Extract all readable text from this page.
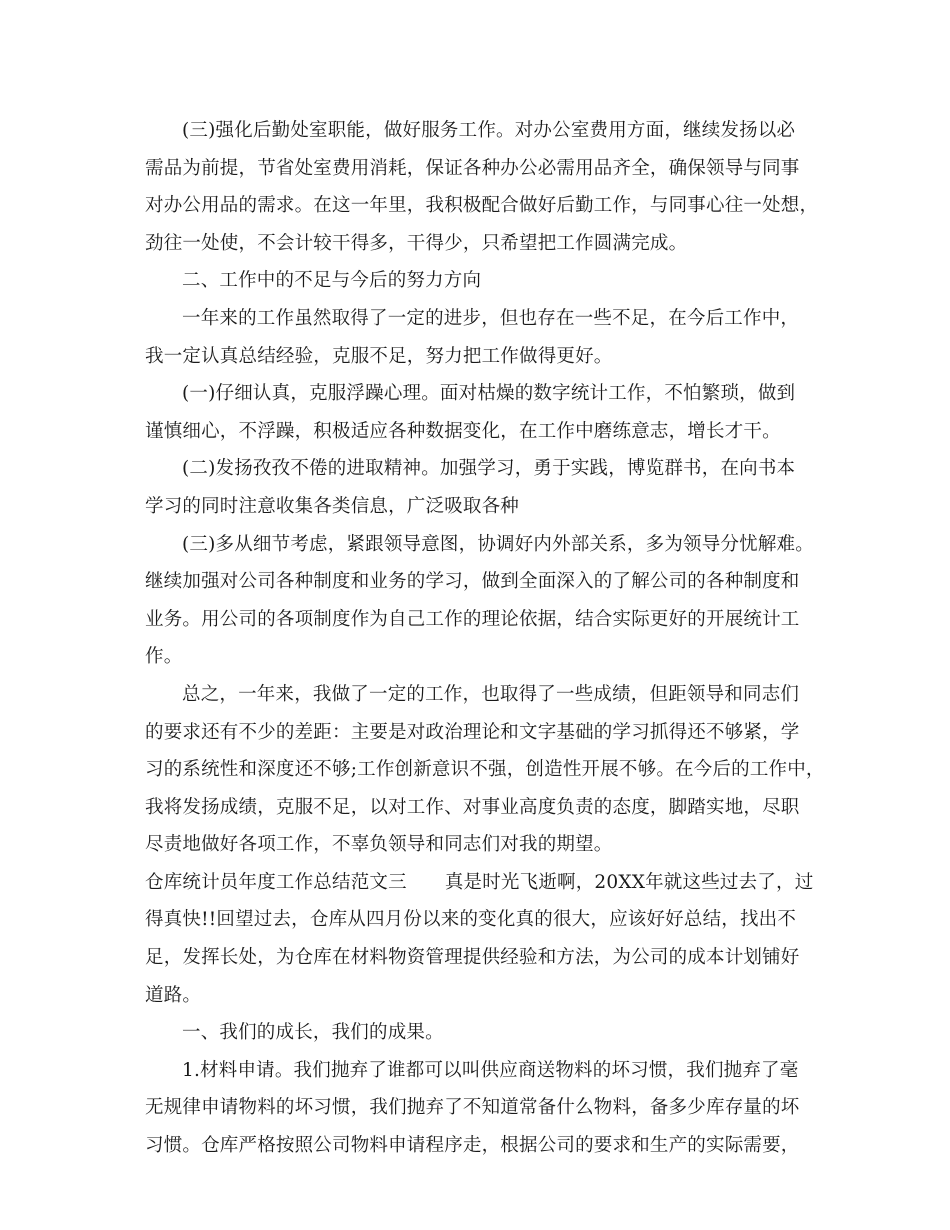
(三)强化后勤处室职能，做好服务工作。对办公室费用方面，继续发扬以必
需品为前提，节省处室费用消耗，保证各种办公必需用品齐全，确保领导与同事
对办公用品的需求。在这一年里，我积极配合做好后勤工作，与同事心往一处想，
劲往一处使，不会计较干得多，干得少，只希望把工作圆满完成。
二、工作中的不足与今后的努力方向
一年来的工作虽然取得了一定的进步，但也存在一些不足，在今后工作中，
我一定认真总结经验，克服不足，努力把工作做得更好。
(一)仔细认真，克服浮躁心理。面对枯燥的数字统计工作，不怕繁琐，做到
谨慎细心，不浮躁，积极适应各种数据变化，在工作中磨练意志，增长才干。
(二)发扬孜孜不倦的进取精神。加强学习，勇于实践，博览群书，在向书本
学习的同时注意收集各类信息，广泛吸取各种
(三)多从细节考虑，紧跟领导意图，协调好内外部关系，多为领导分忧解难。
继续加强对公司各种制度和业务的学习，做到全面深入的了解公司的各种制度和
业务。用公司的各项制度作为自己工作的理论依据，结合实际更好的开展统计工
作。
总之，一年来，我做了一定的工作，也取得了一些成绩，但距领导和同志们
的要求还有不少的差距：主要是对政治理论和文字基础的学习抓得还不够紧，学
习的系统性和深度还不够;工作创新意识不强，创造性开展不够。在今后的工作中，
我将发扬成绩，克服不足，以对工作、对事业高度负责的态度，脚踏实地，尽职
尽责地做好各项工作，不辜负领导和同志们对我的期望。
仓库统计员年度工作总结范文三 真是时光飞逝啊，20XX年就这些过去了，过
得真快!!回望过去，仓库从四月份以来的变化真的很大，应该好好总结，找出不
足，发挥长处，为仓库在材料物资管理提供经验和方法，为公司的成本计划铺好
道路。
一、我们的成长，我们的成果。
1.材料申请。我们抛弃了谁都可以叫供应商送物料的坏习惯，我们抛弃了毫
无规律申请物料的坏习惯，我们抛弃了不知道常备什么物料，备多少库存量的坏
习惯。仓库严格按照公司物料申请程序走，根据公司的要求和生产的实际需要，
